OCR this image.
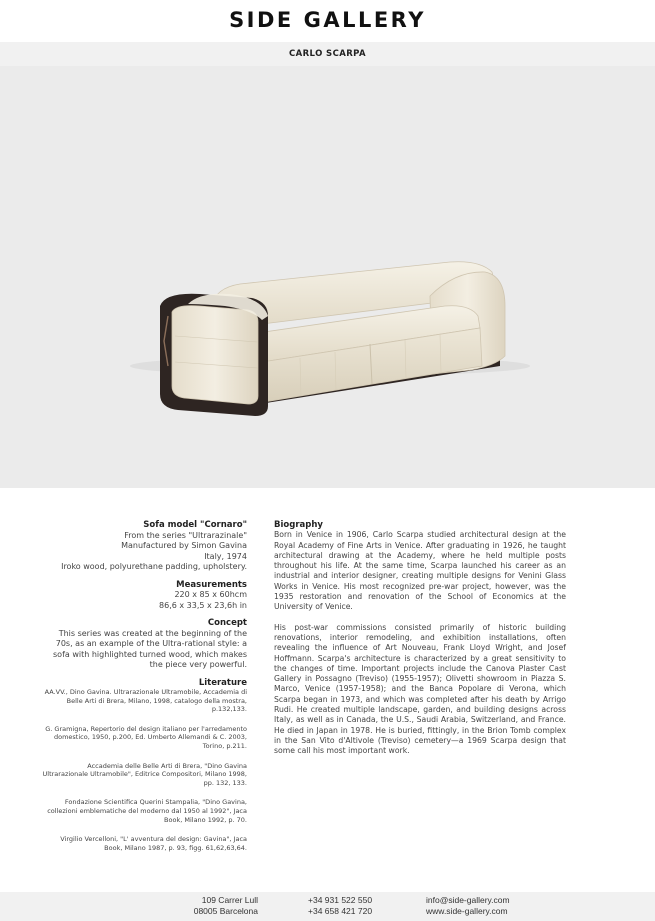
SIDE GALLERY
CARLO SCARPA
Sofa model "Cornaro"
From the series "Ultrarazinale"
Manufactured by Simon Gavina
Italy, 1974
Iroko wood, polyurethane padding, upholstery.
Measurements
220 x 85 x 60hcm
86,6 x 33,5 x 23,6h in
Concept
This series was created at the beginning of the 70s, as an example of the Ultra-rational style: a sofa with highlighted turned wood, which makes the piece very powerful.
Literature
AA.VV., Dino Gavina. Ultrarazionale Ultramobile, Accademia di Belle Arti di Brera, Milano, 1998, catalogo della mostra, p.132,133.
G. Gramigna, Repertorio del design italiano per l'arredamento domestico, 1950, p.200, Ed. Umberto Allemandi & C. 2003, Torino, p.211.
Accademia delle Belle Arti di Brera, "Dino Gavina Ultrarazionale Ultramobile", Editrice Compositori, Milano 1998, pp. 132, 133.
Fondazione Scientifica Querini Stampalia, "Dino Gavina, collezioni emblematiche del moderno dal 1950 al 1992", Jaca Book, Milano 1992, p. 70.
Virgilio Vercelloni, "L' avventura del design: Gavina", Jaca Book, Milano 1987, p. 93, figg. 61,62,63,64.
Biography

Born in Venice in 1906, Carlo Scarpa studied architectural design at the Royal Academy of Fine Arts in Venice. After graduating in 1926, he taught architectural drawing at the Academy, where he held multiple posts throughout his life. At the same time, Scarpa launched his career as an industrial and interior designer, creating multiple designs for Venini Glass Works in Venice. His most recognized pre-war project, however, was the 1935 restoration and renovation of the School of Economics at the University of Venice.

His post-war commissions consisted primarily of historic building renovations, interior remodeling, and exhibition installations, often revealing the influence of Art Nouveau, Frank Lloyd Wright, and Josef Hoffmann. Scarpa's architecture is characterized by a great sensitivity to the changes of time. Important projects include the Canova Plaster Cast Gallery in Possagno (Treviso) (1955-1957); Olivetti showroom in Piazza S. Marco, Venice (1957-1958); and the Banca Popolare di Verona, which Scarpa began in 1973, and which was completed after his death by Arrigo Rudi. He created multiple landscape, garden, and building designs across Italy, as well as in Canada, the U.S., Saudi Arabia, Switzerland, and France. He died in Japan in 1978. He is buried, fittingly, in the Brion Tomb complex in the San Vito d'Altivole (Treviso) cemetery—a 1969 Scarpa design that some call his most important work.

109 Carrer Lull
08005 Barcelona
+34 931 522 550
+34 658 421 720
info@side-gallery.com
www.side-gallery.com
